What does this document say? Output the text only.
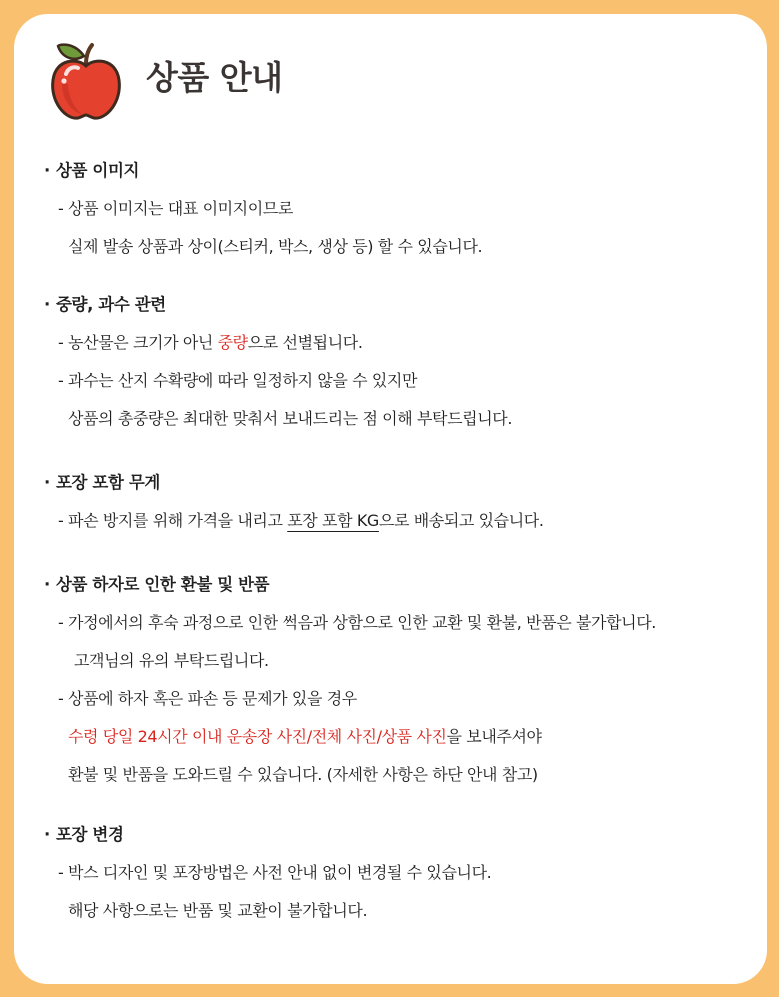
상품 안내
· 상품 이미지
- 상품 이미지는 대표 이미지이므로
실제 발송 상품과 상이(스티커, 박스, 생상 등) 할 수 있습니다.
· 중량, 과수 관련
- 농산물은 크기가 아닌 중량으로 선별됩니다.
- 과수는 산지 수확량에 따라 일정하지 않을 수 있지만
상품의 총중량은 최대한 맞춰서 보내드리는 점 이해 부탁드립니다.
· 포장 포함 무게
- 파손 방지를 위해 가격을 내리고 포장 포함 KG으로 배송되고 있습니다.
· 상품 하자로 인한 환불 및 반품
- 가정에서의 후숙 과정으로 인한 썩음과 상함으로 인한 교환 및 환불, 반품은 불가합니다.
고객님의 유의 부탁드립니다.
- 상품에 하자 혹은 파손 등 문제가 있을 경우
수령 당일 24시간 이내 운송장 사진/전체 사진/상품 사진을 보내주셔야
환불 및 반품을 도와드릴 수 있습니다. (자세한 사항은 하단 안내 참고)
· 포장 변경
- 박스 디자인 및 포장방법은 사전 안내 없이 변경될 수 있습니다.
해당 사항으로는 반품 및 교환이 불가합니다.
